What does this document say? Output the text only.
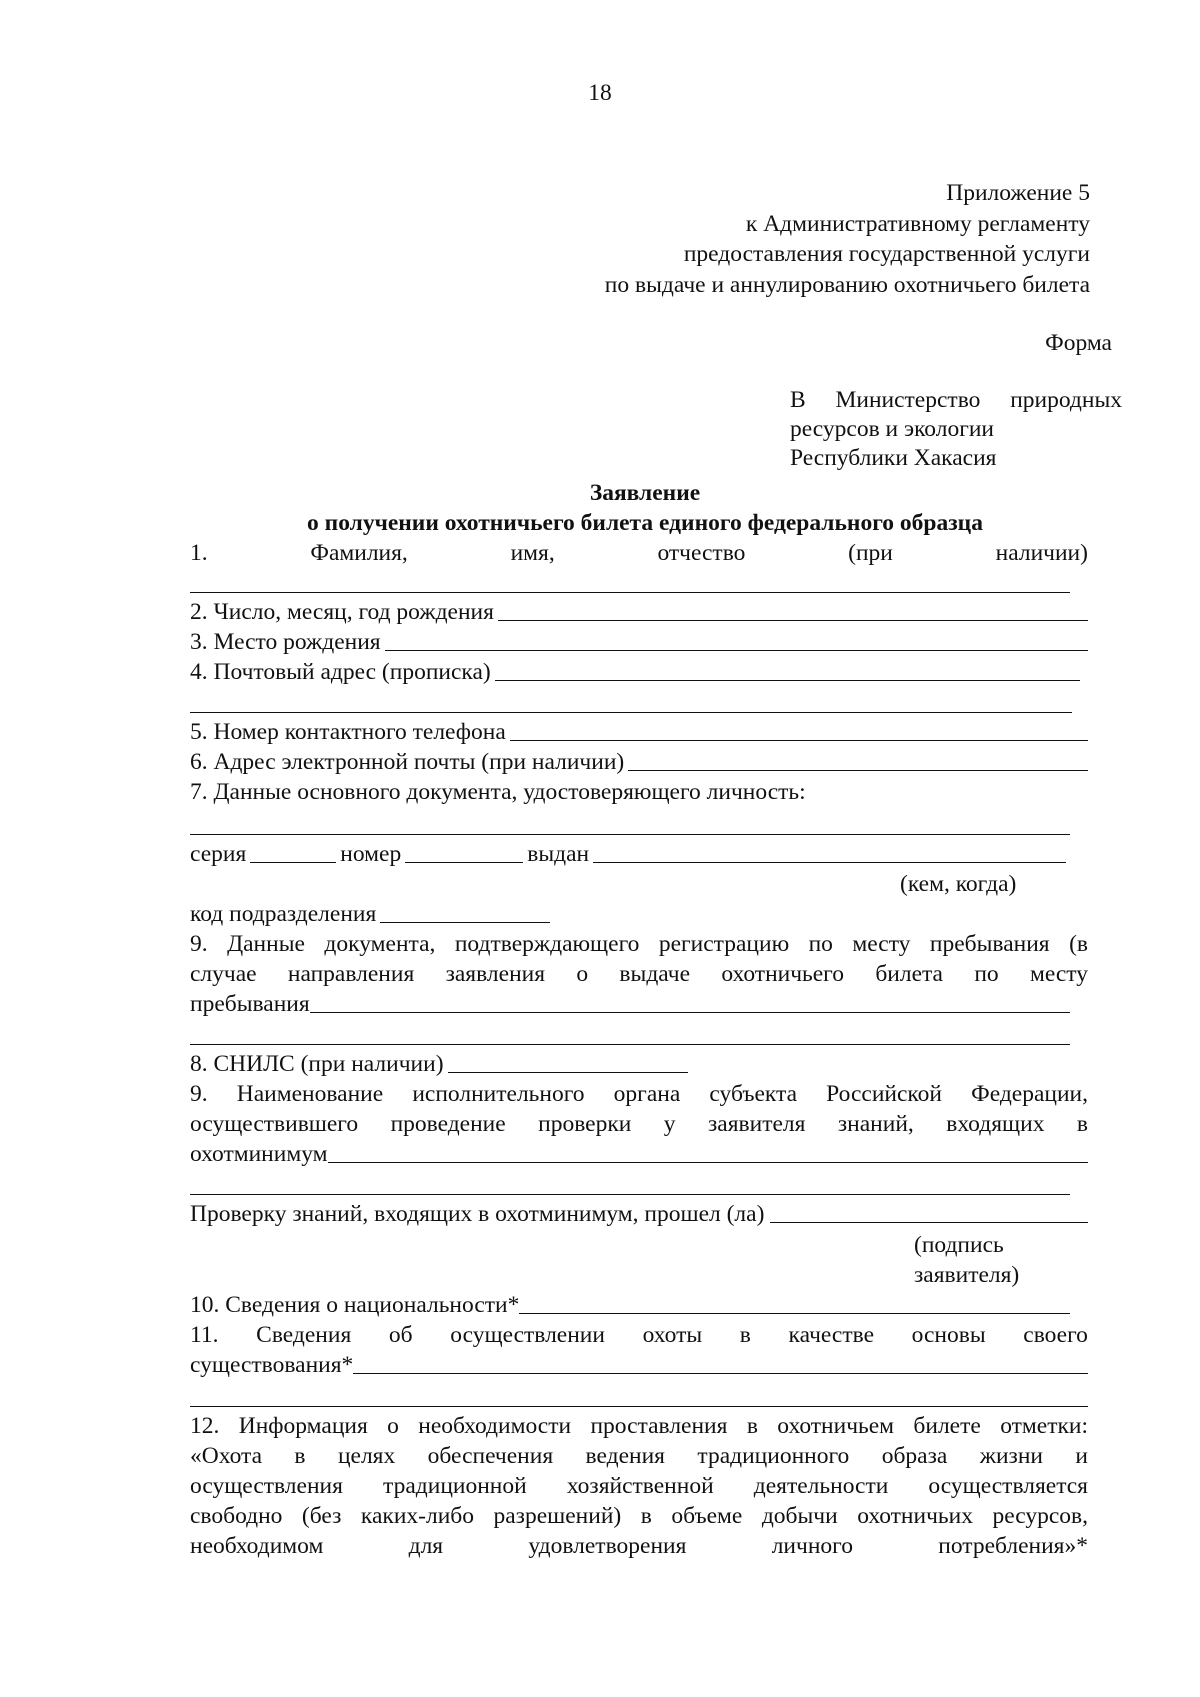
18
Приложение 5
к Административному регламенту
предоставления государственной услуги
по выдаче и аннулированию охотничьего билета
Форма
В Министерство природных
ресурсов и экологии
Республики Хакасия
Заявление
о получении охотничьего билета единого федерального образца
1.	Фамилия,	имя,	отчество	(при	наличии)
2. Число, месяц, год рождения
3. Место рождения
4. Почтовый адрес (прописка)
5. Номер контактного телефона
6. Адрес электронной почты (при наличии)
7. Данные основного документа, удостоверяющего личность:
серия	номер	выдан
(кем, когда)
код подразделения
9. Данные документа, подтверждающего регистрацию по месту пребывания (в
случае направления заявления о выдаче охотничьего билета по месту
пребывания
8. СНИЛС (при наличии)
9. Наименование исполнительного органа субъекта Российской Федерации,
осуществившего проведение проверки у заявителя знаний, входящих в
охотминимум
Проверку знаний, входящих в охотминимум, прошел (ла)
(подпись
заявителя)
10. Сведения о национальности*
11. Сведения об осуществлении охоты в качестве основы своего
существования*
12. Информация о необходимости проставления в охотничьем билете отметки:
«Охота в целях обеспечения ведения традиционного образа жизни и
осуществления традиционной хозяйственной деятельности осуществляется
свободно (без каких-либо разрешений) в объеме добычи охотничьих ресурсов,
необходимом	для	удовлетворения	личного	потребления»*
